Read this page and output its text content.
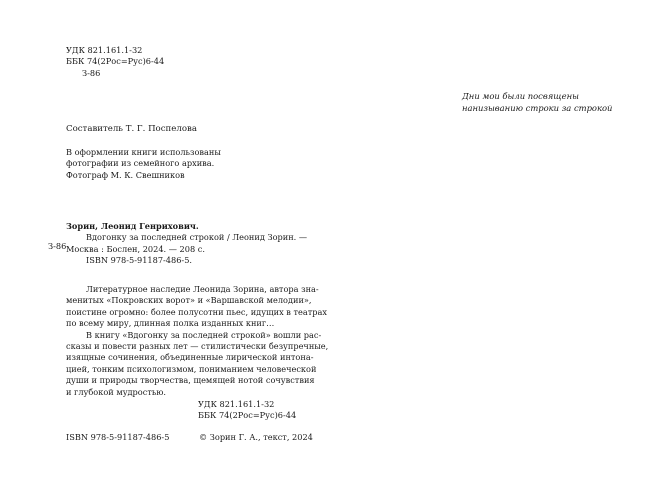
УДК 821.161.1-32
ББК 74(2Рос=Рус)6-44
З-86
Дни мои были посвящены
нанизыванию строки за строкой
Составитель Т. Г. Поспелова
В оформлении книги использованы
фотографии из семейного архива.
Фотограф М. К. Свешников
З-86
Зорин, Леонид Генрихович.
Вдогонку за последней строкой / Леонид Зорин. —
Москва : Бослен, 2024. — 208 с.
ISBN 978-5-91187-486-5.
Литературное наследие Леонида Зорина, автора зна-
менитых «Покровских ворот» и «Варшавской мелодии»,
поистине огромно: более полусотни пьес, идущих в театрах
по всему миру, длинная полка изданных книг…
В книгу «Вдогонку за последней строкой» вошли рас-
сказы и повести разных лет — стилистически безупречные,
изящные сочинения, объединенные лирической интона-
цией, тонким психологизмом, пониманием человеческой
души и природы творчества, щемящей нотой сочувствия
и глубокой мудростью.
УДК 821.161.1-32
ББК 74(2Рос=Рус)6-44
ISBN 978-5-91187-486-5	© Зорин Г. А., текст, 2024
